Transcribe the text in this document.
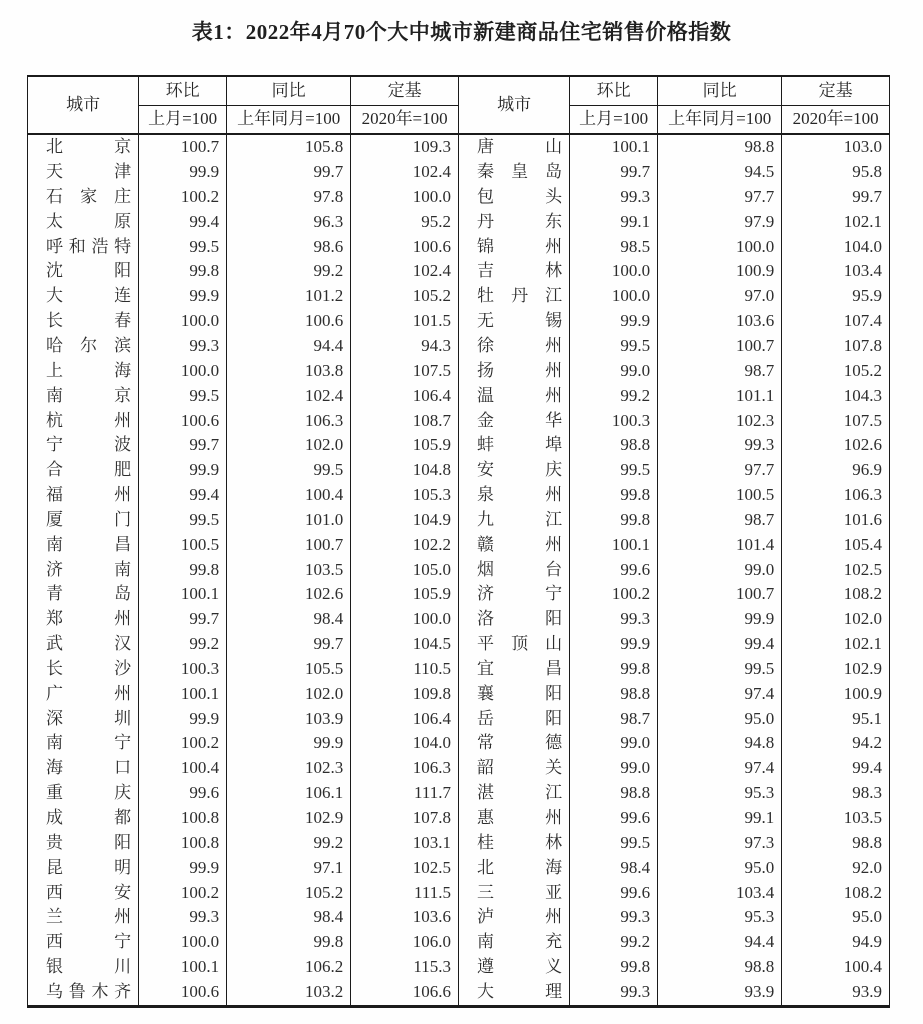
表1：2022年4月70个大中城市新建商品住宅销售价格指数
城市	环比	同比	定基	城市	环比	同比	定基
	上月=100	上年同月=100	2020年=100		上月=100	上年同月=100	2020年=100

北京	100.7	105.8	109.3	唐山	100.1	98.8	103.0

天津	99.9	99.7	102.4	秦皇岛	99.7	94.5	95.8

石家庄	100.2	97.8	100.0	包头	99.3	97.7	99.7

太原	99.4	96.3	95.2	丹东	99.1	97.9	102.1

呼和浩特	99.5	98.6	100.6	锦州	98.5	100.0	104.0

沈阳	99.8	99.2	102.4	吉林	100.0	100.9	103.4

大连	99.9	101.2	105.2	牡丹江	100.0	97.0	95.9

长春	100.0	100.6	101.5	无锡	99.9	103.6	107.4

哈尔滨	99.3	94.4	94.3	徐州	99.5	100.7	107.8

上海	100.0	103.8	107.5	扬州	99.0	98.7	105.2

南京	99.5	102.4	106.4	温州	99.2	101.1	104.3

杭州	100.6	106.3	108.7	金华	100.3	102.3	107.5

宁波	99.7	102.0	105.9	蚌埠	98.8	99.3	102.6

合肥	99.9	99.5	104.8	安庆	99.5	97.7	96.9

福州	99.4	100.4	105.3	泉州	99.8	100.5	106.3

厦门	99.5	101.0	104.9	九江	99.8	98.7	101.6

南昌	100.5	100.7	102.2	赣州	100.1	101.4	105.4

济南	99.8	103.5	105.0	烟台	99.6	99.0	102.5

青岛	100.1	102.6	105.9	济宁	100.2	100.7	108.2

郑州	99.7	98.4	100.0	洛阳	99.3	99.9	102.0

武汉	99.2	99.7	104.5	平顶山	99.9	99.4	102.1

长沙	100.3	105.5	110.5	宜昌	99.8	99.5	102.9

广州	100.1	102.0	109.8	襄阳	98.8	97.4	100.9

深圳	99.9	103.9	106.4	岳阳	98.7	95.0	95.1

南宁	100.2	99.9	104.0	常德	99.0	94.8	94.2

海口	100.4	102.3	106.3	韶关	99.0	97.4	99.4

重庆	99.6	106.1	111.7	湛江	98.8	95.3	98.3

成都	100.8	102.9	107.8	惠州	99.6	99.1	103.5

贵阳	100.8	99.2	103.1	桂林	99.5	97.3	98.8

昆明	99.9	97.1	102.5	北海	98.4	95.0	92.0

西安	100.2	105.2	111.5	三亚	99.6	103.4	108.2

兰州	99.3	98.4	103.6	泸州	99.3	95.3	95.0

西宁	100.0	99.8	106.0	南充	99.2	94.4	94.9

银川	100.1	106.2	115.3	遵义	99.8	98.8	100.4

乌鲁木齐	100.6	103.2	106.6	大理	99.3	93.9	93.9
